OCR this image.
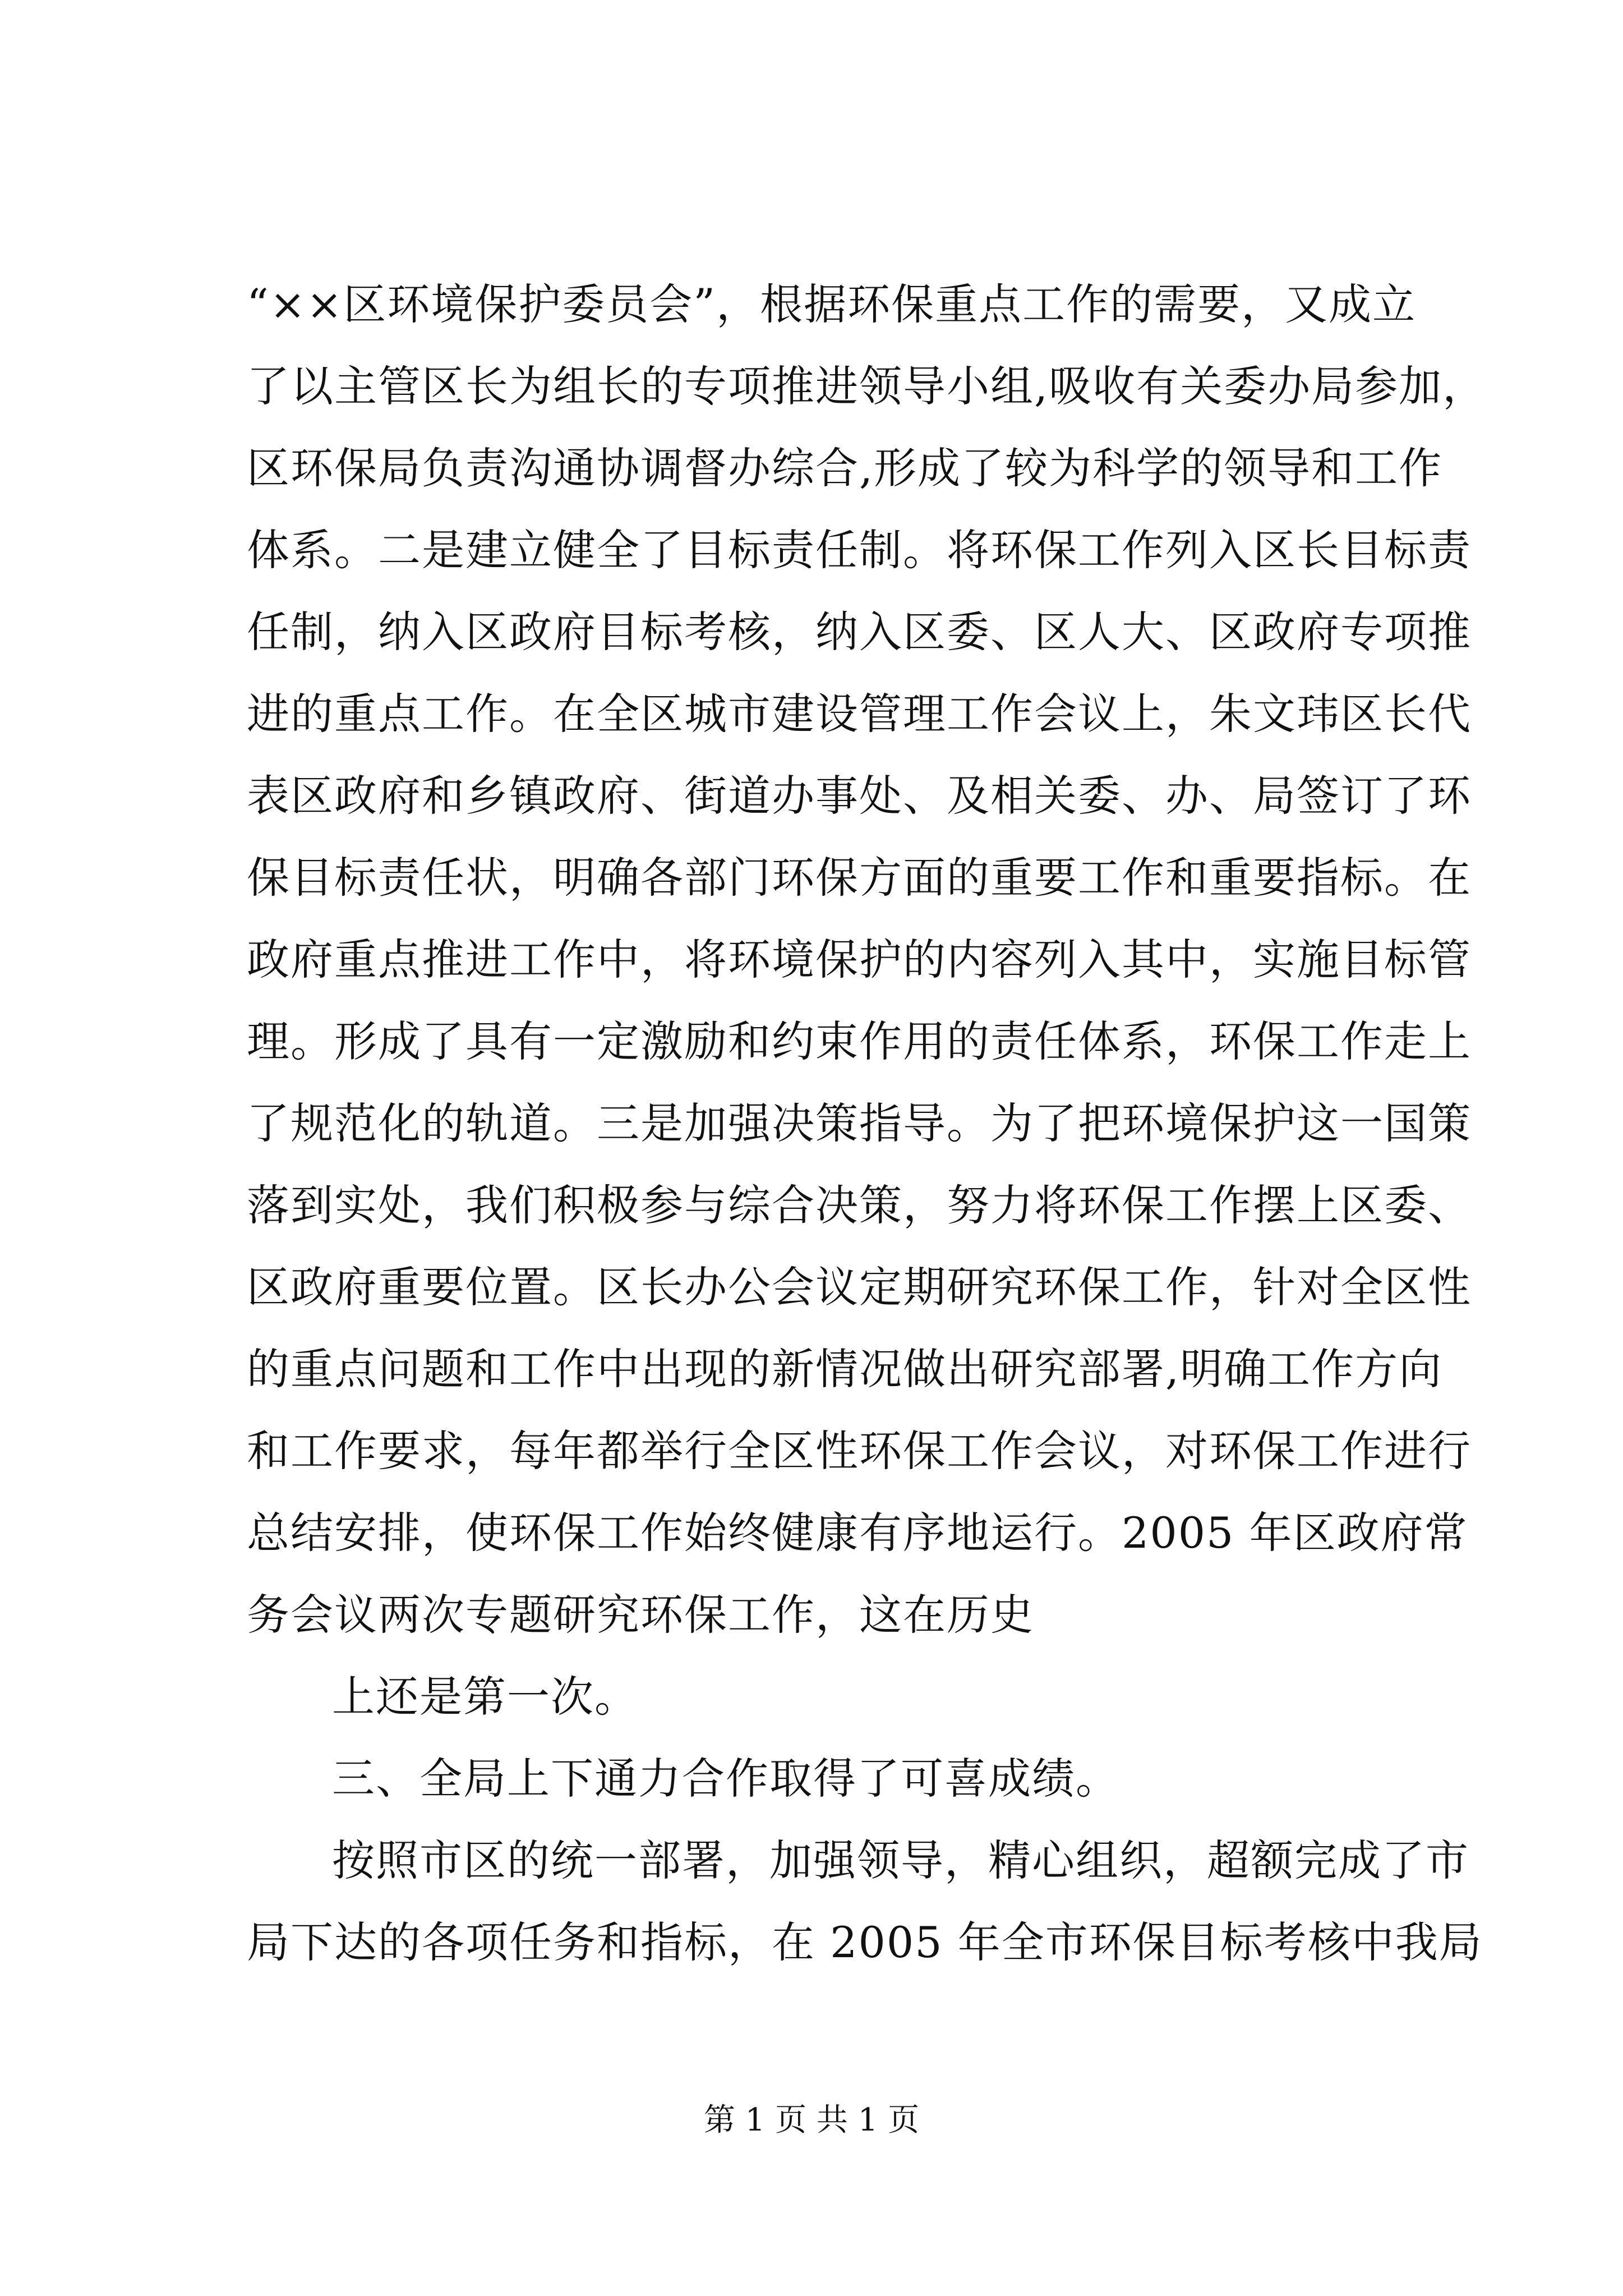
“××区环境保护委员会”，根据环保重点工作的需要，又成立
了以主管区长为组长的专项推进领导小组,吸收有关委办局参加，
区环保局负责沟通协调督办综合,形成了较为科学的领导和工作
体系。二是建立健全了目标责任制。将环保工作列入区长目标责
任制，纳入区政府目标考核，纳入区委、区人大、区政府专项推
进的重点工作。在全区城市建设管理工作会议上，朱文玮区长代
表区政府和乡镇政府、街道办事处、及相关委、办、局签订了环
保目标责任状，明确各部门环保方面的重要工作和重要指标。在
政府重点推进工作中，将环境保护的内容列入其中，实施目标管
理。形成了具有一定激励和约束作用的责任体系，环保工作走上
了规范化的轨道。三是加强决策指导。为了把环境保护这一国策
落到实处，我们积极参与综合决策，努力将环保工作摆上区委、
区政府重要位置。区长办公会议定期研究环保工作，针对全区性
的重点问题和工作中出现的新情况做出研究部署,明确工作方向
和工作要求，每年都举行全区性环保工作会议，对环保工作进行
总结安排，使环保工作始终健康有序地运行。2005 年区政府常
务会议两次专题研究环保工作，这在历史
上还是第一次。
三、全局上下通力合作取得了可喜成绩。
按照市区的统一部署，加强领导，精心组织，超额完成了市
局下达的各项任务和指标，在 2005 年全市环保目标考核中我局
第 1 页 共 1 页
